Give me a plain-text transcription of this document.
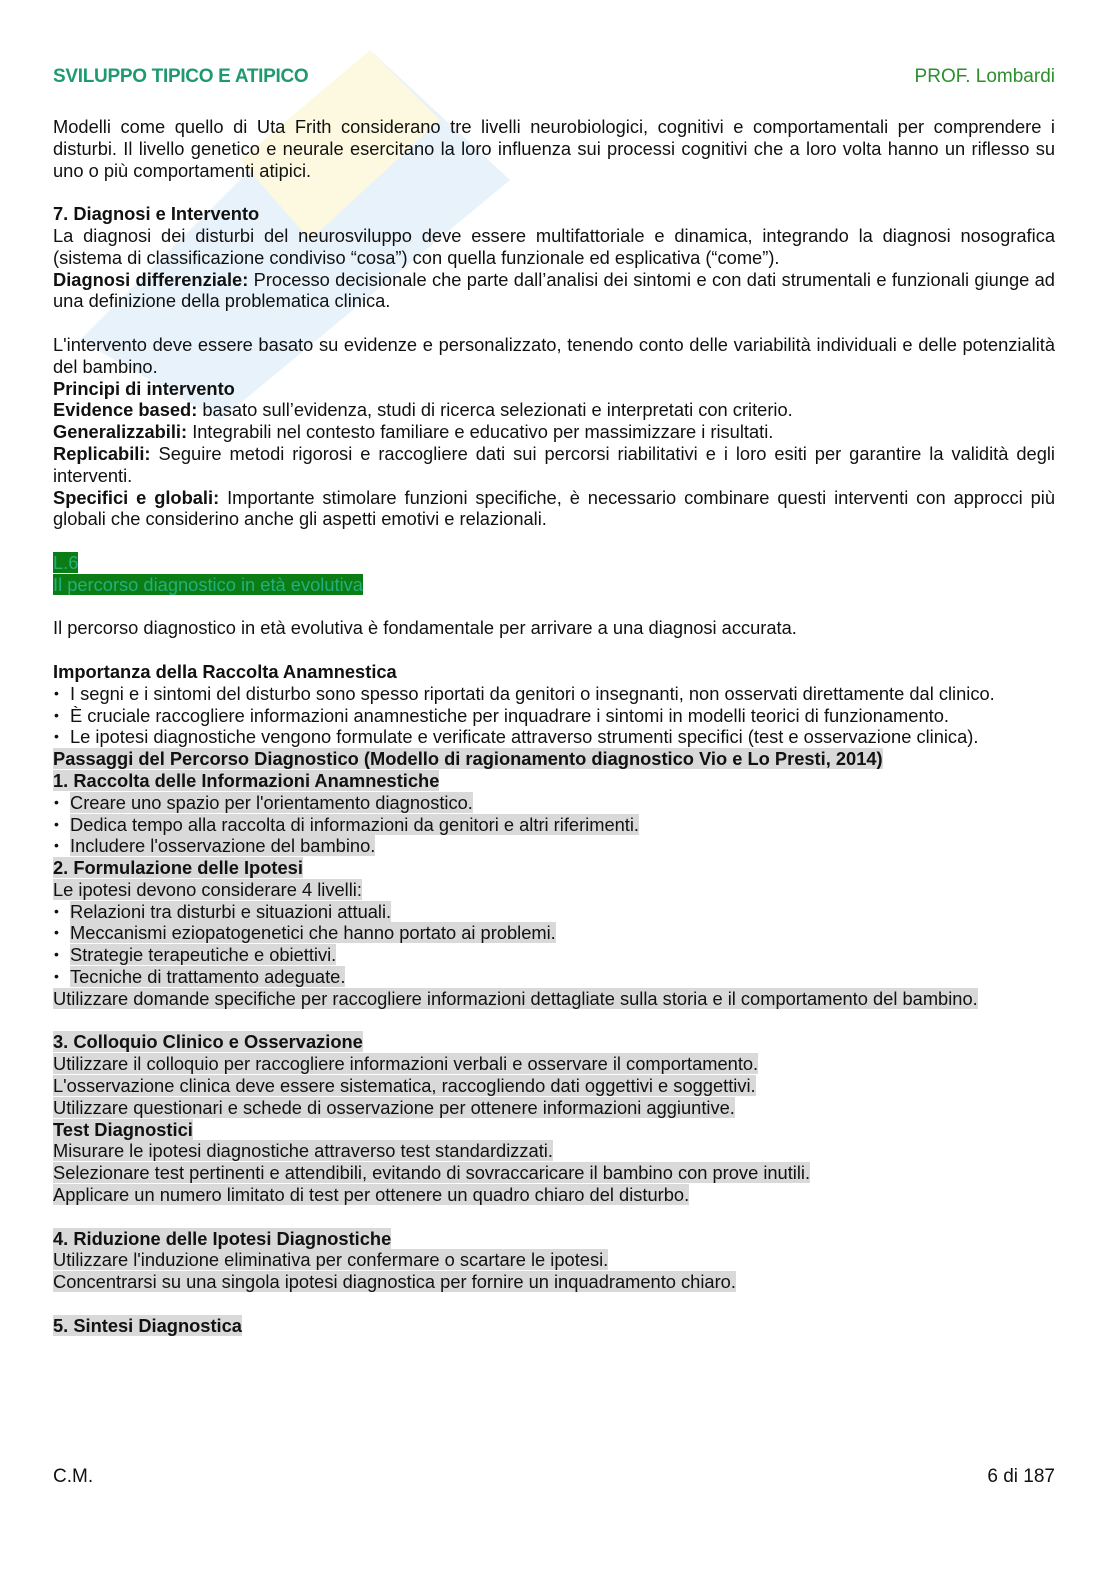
SVILUPPO TIPICO E ATIPICO	PROF. Lombardi
Modelli come quello di Uta Frith considerano tre livelli neurobiologici, cognitivi e comportamentali per comprendere i disturbi. Il livello genetico e neurale esercitano la loro influenza sui processi cognitivi che a loro volta hanno un riflesso su uno o più comportamenti atipici.
7. Diagnosi e Intervento
La diagnosi dei disturbi del neurosviluppo deve essere multifattoriale e dinamica, integrando la diagnosi nosografica (sistema di classificazione condiviso “cosa”) con quella funzionale ed esplicativa (“come”).
Diagnosi differenziale: Processo decisionale che parte dall’analisi dei sintomi e con dati strumentali e funzionali giunge ad una definizione della problematica clinica.
L'intervento deve essere basato su evidenze e personalizzato, tenendo conto delle variabilità individuali e delle potenzialità del bambino.
Principi di intervento
Evidence based: basato sull’evidenza, studi di ricerca selezionati e interpretati con criterio.
Generalizzabili: Integrabili nel contesto familiare e educativo per massimizzare i risultati.
Replicabili: Seguire metodi rigorosi e raccogliere dati sui percorsi riabilitativi e i loro esiti per garantire la validità degli interventi.
Specifici e globali: Importante stimolare funzioni specifiche, è necessario combinare questi interventi con approcci più globali che considerino anche gli aspetti emotivi e relazionali.
L.6
Il percorso diagnostico in età evolutiva
Il percorso diagnostico in età evolutiva è fondamentale per arrivare a una diagnosi accurata.
Importanza della Raccolta Anamnestica
• I segni e i sintomi del disturbo sono spesso riportati da genitori o insegnanti, non osservati direttamente dal clinico.
• È cruciale raccogliere informazioni anamnestiche per inquadrare i sintomi in modelli teorici di funzionamento.
• Le ipotesi diagnostiche vengono formulate e verificate attraverso strumenti specifici (test e osservazione clinica).
Passaggi del Percorso Diagnostico (Modello di ragionamento diagnostico Vio e Lo Presti, 2014)
1. Raccolta delle Informazioni Anamnestiche
• Creare uno spazio per l'orientamento diagnostico.
• Dedica tempo alla raccolta di informazioni da genitori e altri riferimenti.
• Includere l'osservazione del bambino.
2. Formulazione delle Ipotesi
Le ipotesi devono considerare 4 livelli:
• Relazioni tra disturbi e situazioni attuali.
• Meccanismi eziopatogenetici che hanno portato ai problemi.
• Strategie terapeutiche e obiettivi.
• Tecniche di trattamento adeguate.
Utilizzare domande specifiche per raccogliere informazioni dettagliate sulla storia e il comportamento del bambino.
3. Colloquio Clinico e Osservazione
Utilizzare il colloquio per raccogliere informazioni verbali e osservare il comportamento.
L'osservazione clinica deve essere sistematica, raccogliendo dati oggettivi e soggettivi.
Utilizzare questionari e schede di osservazione per ottenere informazioni aggiuntive.
Test Diagnostici
Misurare le ipotesi diagnostiche attraverso test standardizzati.
Selezionare test pertinenti e attendibili, evitando di sovraccaricare il bambino con prove inutili.
Applicare un numero limitato di test per ottenere un quadro chiaro del disturbo.
4. Riduzione delle Ipotesi Diagnostiche
Utilizzare l'induzione eliminativa per confermare o scartare le ipotesi.
Concentrarsi su una singola ipotesi diagnostica per fornire un inquadramento chiaro.
5. Sintesi Diagnostica
C.M.	6 di 187
